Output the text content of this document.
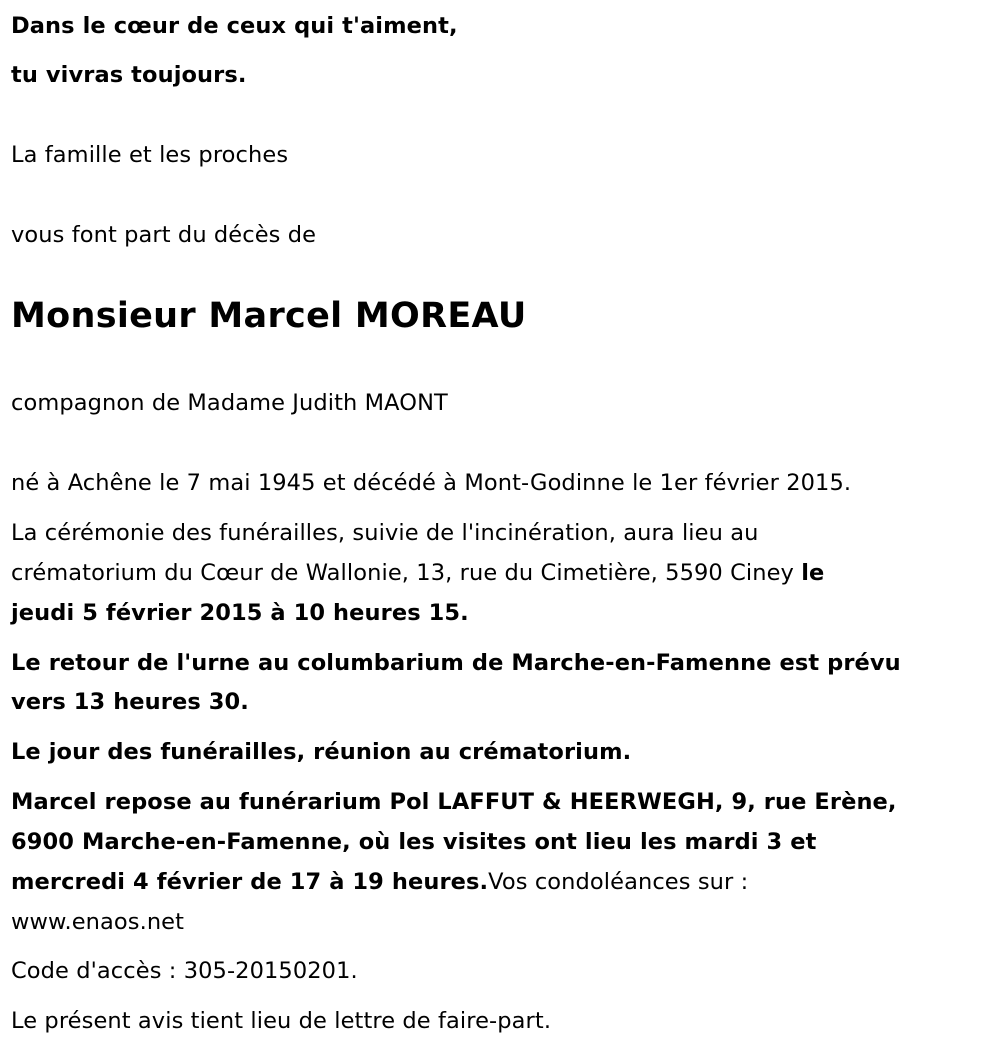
Dans le cœur de ceux qui t'aiment,
tu vivras toujours.
La famille et les proches
vous font part du décès de
Monsieur Marcel MOREAU
compagnon de Madame Judith MAONT
né à Achêne le 7 mai 1945 et décédé à Mont-Godinne le 1er février 2015.
La cérémonie des funérailles, suivie de l'incinération, aura lieu au
crématorium du Cœur de Wallonie, 13, rue du Cimetière, 5590 Ciney le
jeudi 5 février 2015 à 10 heures 15.
Le retour de l'urne au columbarium de Marche-en-Famenne est prévu
vers 13 heures 30.
Le jour des funérailles, réunion au crématorium.
Marcel repose au funérarium Pol LAFFUT & HEERWEGH, 9, rue Erène,
6900 Marche-en-Famenne, où les visites ont lieu les mardi 3 et
mercredi 4 février de 17 à 19 heures.Vos condoléances sur :
www.enaos.net
Code d'accès : 305-20150201.
Le présent avis tient lieu de lettre de faire-part.
